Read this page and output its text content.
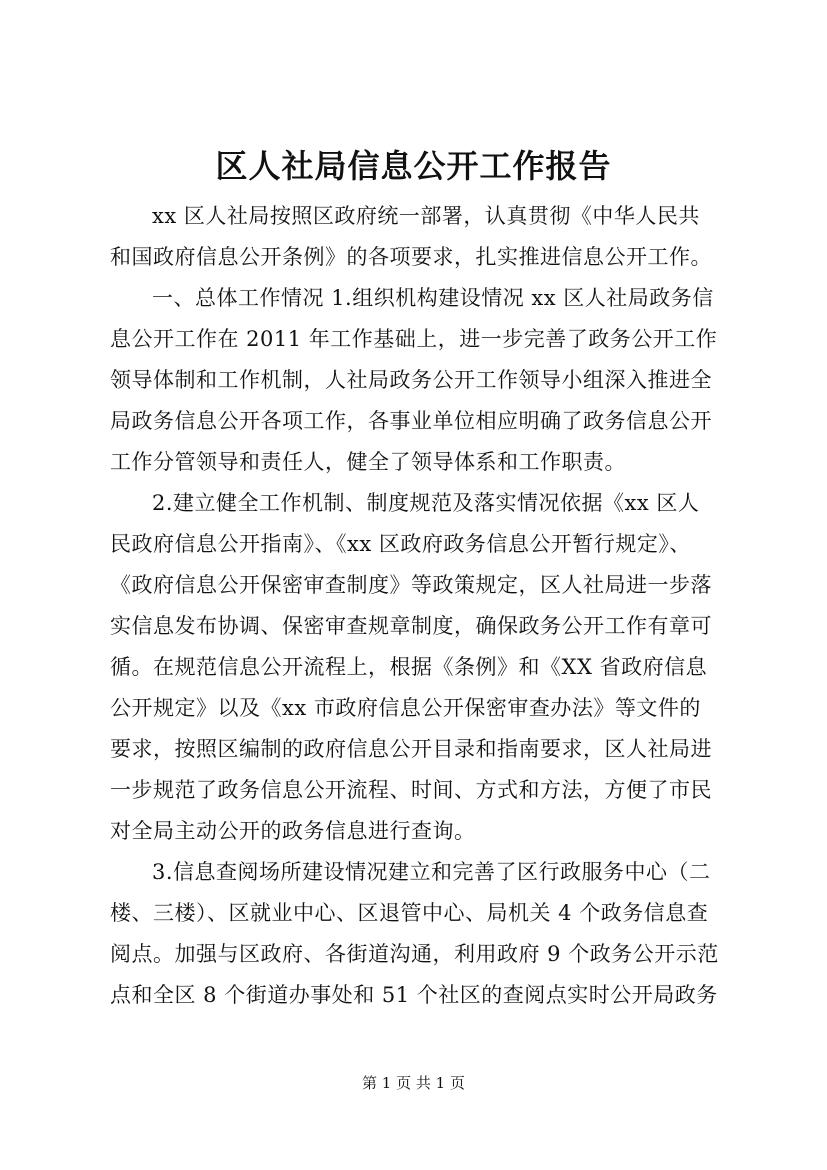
区人社局信息公开工作报告
xx 区人社局按照区政府统一部署，认真贯彻《中华人民共
和国政府信息公开条例》的各项要求，扎实推进信息公开工作。
一、总体工作情况 1.组织机构建设情况 xx 区人社局政务信
息公开工作在 2011 年工作基础上，进一步完善了政务公开工作
领导体制和工作机制，人社局政务公开工作领导小组深入推进全
局政务信息公开各项工作，各事业单位相应明确了政务信息公开
工作分管领导和责任人，健全了领导体系和工作职责。
2.建立健全工作机制、制度规范及落实情况依据《xx 区人
民政府信息公开指南》、《xx 区政府政务信息公开暂行规定》、
《政府信息公开保密审查制度》等政策规定，区人社局进一步落
实信息发布协调、保密审查规章制度，确保政务公开工作有章可
循。在规范信息公开流程上，根据《条例》和《XX 省政府信息
公开规定》以及《xx 市政府信息公开保密审查办法》等文件的
要求，按照区编制的政府信息公开目录和指南要求，区人社局进
一步规范了政务信息公开流程、时间、方式和方法，方便了市民
对全局主动公开的政务信息进行查询。
3.信息查阅场所建设情况建立和完善了区行政服务中心（二
楼、三楼）、区就业中心、区退管中心、局机关 4 个政务信息查
阅点。加强与区政府、各街道沟通，利用政府 9 个政务公开示范
点和全区 8 个街道办事处和 51 个社区的查阅点实时公开局政务
第 1 页 共 1 页
